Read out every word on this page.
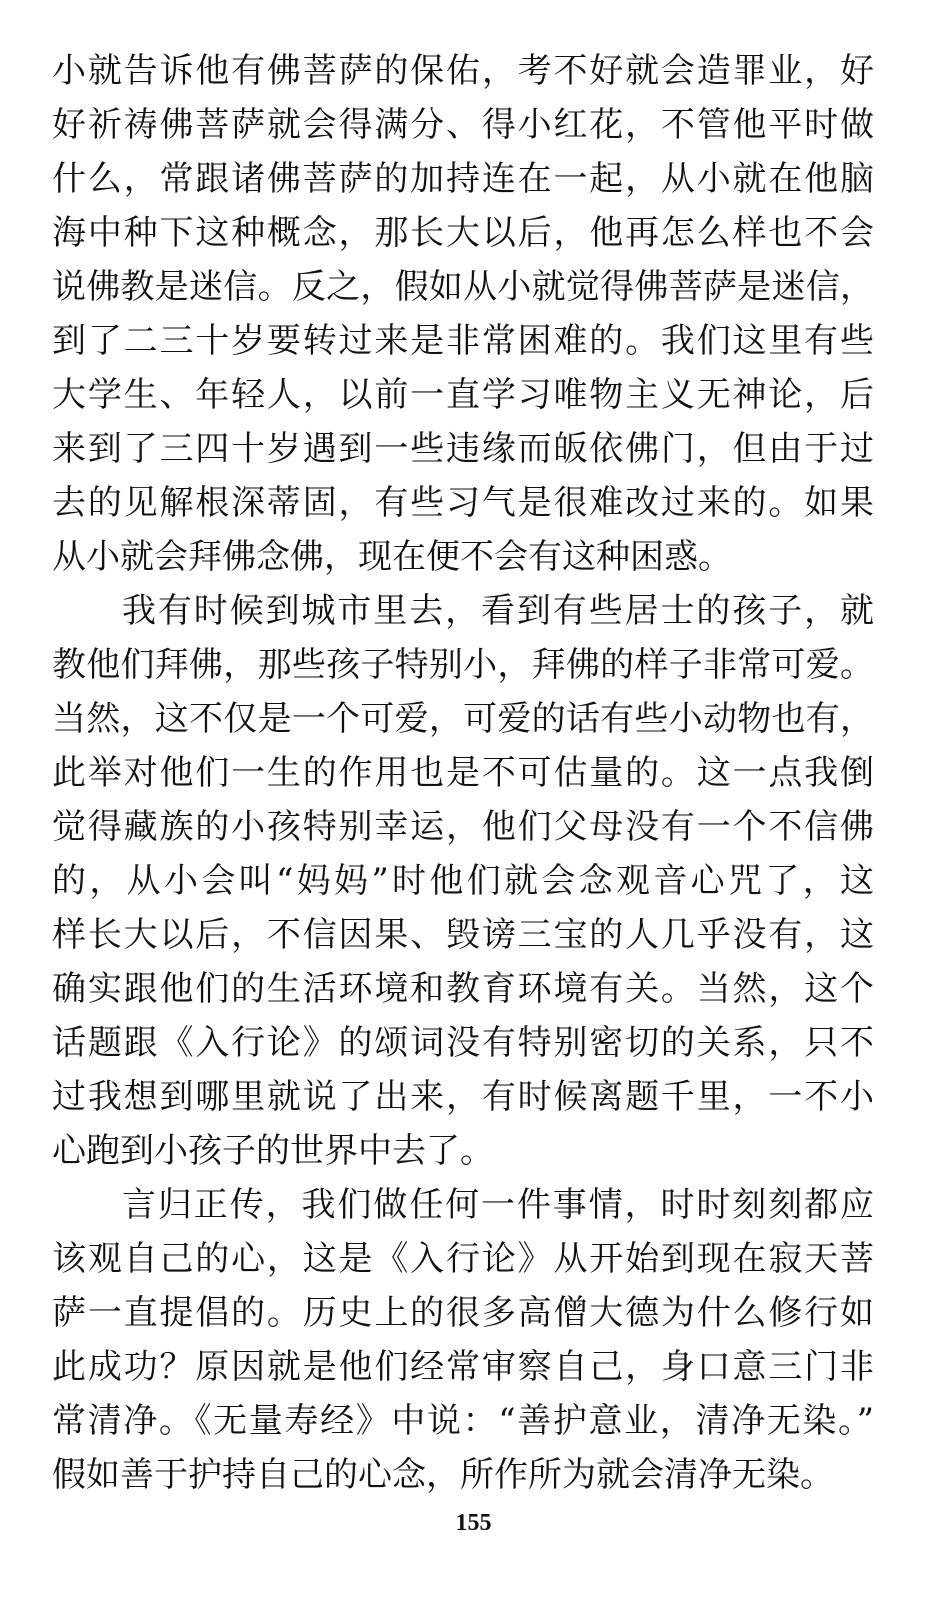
小就告诉他有佛菩萨的保佑，考不好就会造罪业，好
好祈祷佛菩萨就会得满分、得小红花，不管他平时做
什么，常跟诸佛菩萨的加持连在一起，从小就在他脑
海中种下这种概念，那长大以后，他再怎么样也不会
说佛教是迷信。反之，假如从小就觉得佛菩萨是迷信，
到了二三十岁要转过来是非常困难的。我们这里有些
大学生、年轻人，以前一直学习唯物主义无神论，后
来到了三四十岁遇到一些违缘而皈依佛门，但由于过
去的见解根深蒂固，有些习气是很难改过来的。如果
从小就会拜佛念佛，现在便不会有这种困惑。
我有时候到城市里去，看到有些居士的孩子，就
教他们拜佛，那些孩子特别小，拜佛的样子非常可爱。
当然，这不仅是一个可爱，可爱的话有些小动物也有，
此举对他们一生的作用也是不可估量的。这一点我倒
觉得藏族的小孩特别幸运，他们父母没有一个不信佛
的，从小会叫“妈妈”时他们就会念观音心咒了，这
样长大以后，不信因果、毁谤三宝的人几乎没有，这
确实跟他们的生活环境和教育环境有关。当然，这个
话题跟《入行论》的颂词没有特别密切的关系，只不
过我想到哪里就说了出来，有时候离题千里，一不小
心跑到小孩子的世界中去了。
言归正传，我们做任何一件事情，时时刻刻都应
该观自己的心，这是《入行论》从开始到现在寂天菩
萨一直提倡的。历史上的很多高僧大德为什么修行如
此成功？原因就是他们经常审察自己，身口意三门非
常清净。《无量寿经》中说：“善护意业，清净无染。”
假如善于护持自己的心念，所作所为就会清净无染。
155
